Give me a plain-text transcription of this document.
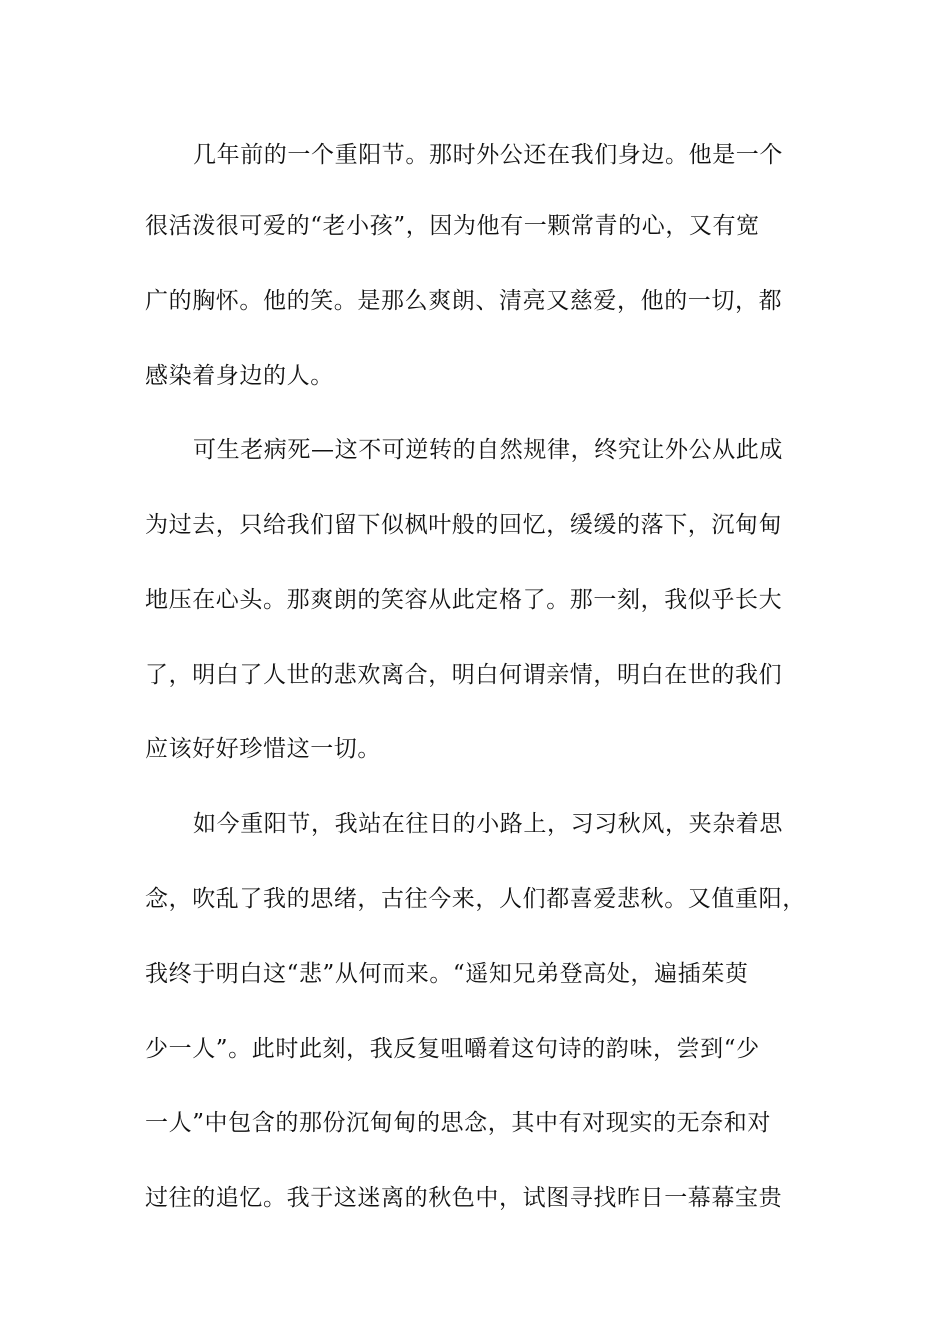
几年前的一个重阳节。那时外公还在我们身边。他是一个
很活泼很可爱的“老小孩”，因为他有一颗常青的心，又有宽
广的胸怀。他的笑。是那么爽朗、清亮又慈爱，他的一切，都
感染着身边的人。
可生老病死—这不可逆转的自然规律，终究让外公从此成
为过去，只给我们留下似枫叶般的回忆，缓缓的落下，沉甸甸
地压在心头。那爽朗的笑容从此定格了。那一刻，我似乎长大
了，明白了人世的悲欢离合，明白何谓亲情，明白在世的我们
应该好好珍惜这一切。
如今重阳节，我站在往日的小路上，习习秋风，夹杂着思
念，吹乱了我的思绪，古往今来，人们都喜爱悲秋。又值重阳，
我终于明白这“悲”从何而来。“遥知兄弟登高处，遍插茱萸
少一人”。此时此刻，我反复咀嚼着这句诗的韵味，尝到“少
一人”中包含的那份沉甸甸的思念，其中有对现实的无奈和对
过往的追忆。我于这迷离的秋色中，试图寻找昨日一幕幕宝贵
